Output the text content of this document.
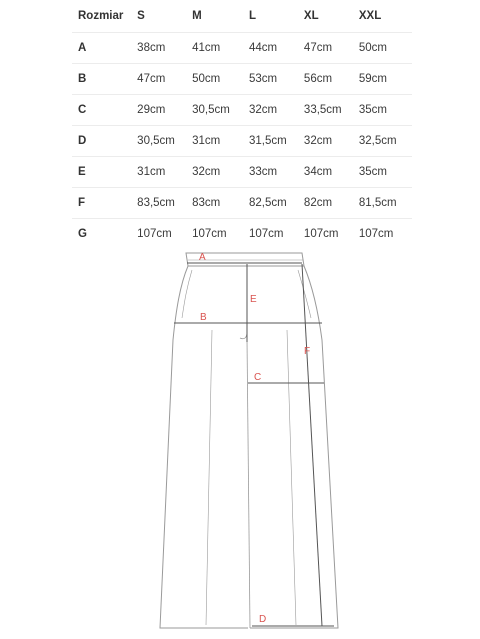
Rozmiar	S	M	L	XL	XXL
A	38cm	41cm	44cm	47cm	50cm
B	47cm	50cm	53cm	56cm	59cm
C	29cm	30,5cm	32cm	33,5cm	35cm
D	30,5cm	31cm	31,5cm	32cm	32,5cm
E	31cm	32cm	33cm	34cm	35cm
F	83,5cm	83cm	82,5cm	82cm	81,5cm
G	107cm	107cm	107cm	107cm	107cm
A
B
C
D
E
F
